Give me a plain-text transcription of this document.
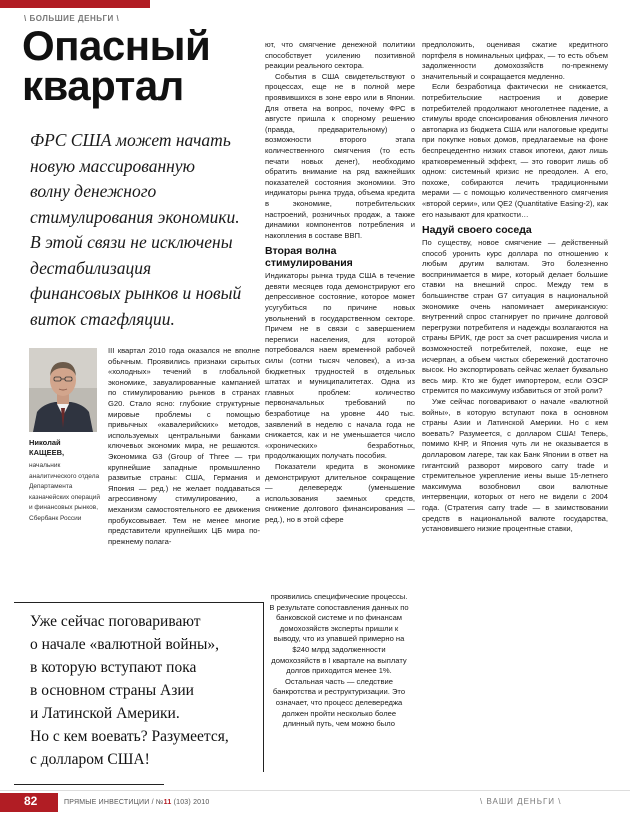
\ БОЛЬШИЕ ДЕНЬГИ \
Опасный
квартал
ФРС США может начать
новую массированную
волну денежного
стимулирования экономики.
В этой связи не исключены
дестабилизация
финансовых рынков и новый
виток стагфляции.
Николай
КАЩЕЕВ,
начальник аналитического отдела Департамента казначейских операций и финансовых рынков, Сбербанк России

III квартал 2010 года оказался не вполне обычным. Проявились признаки скрытых «холодных» течений в глобальной экономике, завуалированные кампанией по стимулированию рынков в странах G20. Стало ясно: глубокие структурные мировые проблемы с помощью привычных «кавалерийских» методов, используемых центральными банками ключевых экономик мира, не решаются. Экономика G3 (Group of Three — три крупнейшие западные промышленно развитые страны: США, Германия и Япония — ред.) не желает поддаваться агрессивному стимулированию, а механизм самостоятельного ее движения пробуксовывает. Тем не менее многие представители крупнейших ЦБ мира по-прежнему полага-

ют, что смягчение денежной политики способствует усилению позитивной реакции реального сектора.

События в США свидетельствуют о процессах, еще не в полной мере проявившихся в зоне евро или в Японии. Для ответа на вопрос, почему ФРС в августе пришла к спорному решению (правда, предварительному) о возможности второго этапа количественного смягчения (то есть печати новых денег), необходимо обратить внимание на ряд важнейших показателей состояния экономики. Это индикаторы рынка труда, объема кредита в экономике, потребительских настроений, розничных продаж, а также динамики компонентов потребления и накопления в составе ВВП.

Вторая волна стимулирования

Индикаторы рынка труда США в течение девяти месяцев года демонстрируют его депрессивное состояние, которое может усугубиться по причине новых увольнений в государственном секторе. Причем не в связи с завершением переписи населения, для которой потребовался наем временной рабочей силы (сотни тысяч человек), а из-за бюджетных трудностей в отдельных штатах и муниципалитетах. Одна из главных проблем: количество первоначальных требований по безработице на уровне 440 тыс. заявлений в неделю с начала года не снижается, как и не уменьшается число «хронических» безработных, продолжающих получать пособия.

Показатели кредита в экономике демонстрируют длительное сокращение — делевередж (уменьшение использования заемных средств, снижение долгового финансирования — ред.), но в этой сфере

проявились специфические процессы. В результате сопоставления данных по банковской системе и по финансам домохозяйств эксперты пришли к выводу, что из упавшей примерно на $240 млрд задолженности домохозяйств в I квартале на выплату долгов приходится менее 1%. Остальная часть — следствие банкротства и реструктуризации. Это означает, что процесс делевереджа должен пройти несколько более длинный путь, чем можно было

предположить, оценивая сжатие кредитного портфеля в номинальных цифрах, — то есть объем задолженности домохозяйств по-прежнему значительный и сокращается медленно.

Если безработица фактически не снижается, потребительские настроения и доверие потребителей продолжают многолетнее падение, а стимулы вроде спонсирования обновления личного автопарка из бюджета США или налоговые кредиты при покупке новых домов, предлагаемые на фоне беспрецедентно низких ставок ипотеки, дают лишь кратковременный эффект, — это говорит лишь об одном: системный кризис не преодолен. А его, похоже, собираются лечить традиционными мерами — с помощью количественного смягчения «второй серии», или QE2 (Quantitative Easing-2), как его называют для краткости…

Надуй своего соседа

По существу, новое смягчение — действенный способ уронить курс доллара по отношению к любым другим валютам. Это болезненно воспринимается в мире, который делает большие ставки на внешний спрос. Между тем в большинстве стран G7 ситуация в национальной экономике очень напоминает американскую: внутренний спрос стагнирует по причине долговой перегрузки потребителя и надежды возлагаются на страны БРИК, где рост за счет расширения числа и возможностей потребителей, похоже, еще не исчерпан, а объем чистых сбережений достаточно высок. Но экспортировать сейчас желает буквально весь мир. Кто же будет импортером, если ОЭСР стремится по максимуму избавиться от этой роли?

Уже сейчас поговаривают о начале «валютной войны», в которую вступают пока в основном страны Азии и Латинской Америки. Но с кем воевать? Разумеется, с долларом США! Теперь, помимо КНР, и Япония чуть ли не оказывается в долларовом лагере, так как Банк Японии в ответ на гигантский разворот мирового carry trade и стремительное укрепление иены выше 15-летнего максимума возобновил свои валютные интервенции, которых от него не видели с 2004 года. (Стратегия carry trade — в заимствовании средств в национальной валюте государства, установившего низкие процентные ставки,

Уже сейчас поговаривают
о начале «валютной войны»,
в которую вступают пока
в основном страны Азии
и Латинской Америки.
Но с кем воевать? Разумеется,
с долларом США!
82	ПРЯМЫЕ ИНВЕСТИЦИИ / №11 (103) 2010	\ ВАШИ ДЕНЬГИ \
